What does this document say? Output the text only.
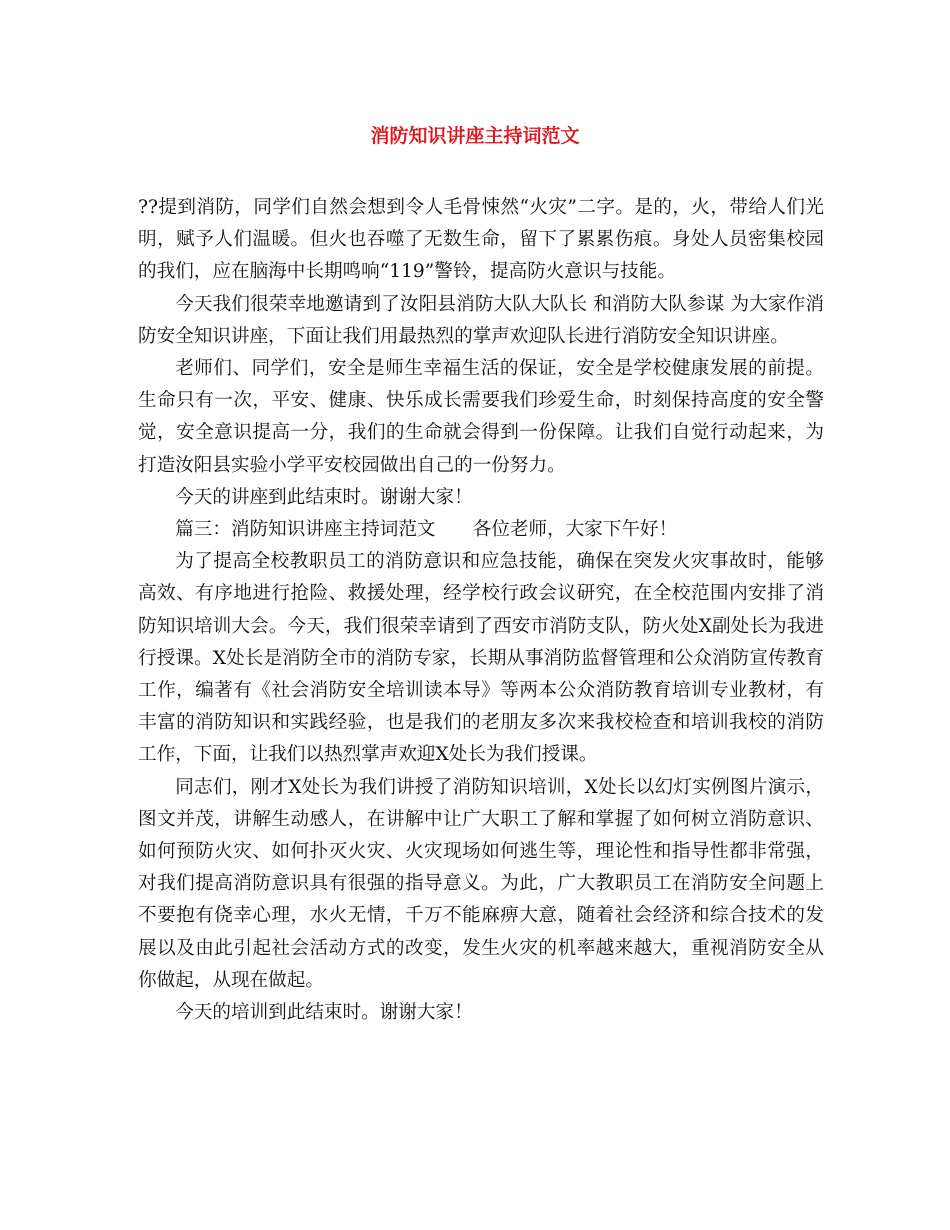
消防知识讲座主持词范文

??提到消防，同学们自然会想到令人毛骨悚然“火灾”二字。是的，火，带给人们光明，赋予人们温暖。但火也吞噬了无数生命，留下了累累伤痕。身处人员密集校园的我们，应在脑海中长期鸣响“119”警铃，提高防火意识与技能。

今天我们很荣幸地邀请到了汝阳县消防大队大队长 和消防大队参谋 为大家作消防安全知识讲座，下面让我们用最热烈的掌声欢迎队长进行消防安全知识讲座。

老师们、同学们，安全是师生幸福生活的保证，安全是学校健康发展的前提。生命只有一次，平安、健康、快乐成长需要我们珍爱生命，时刻保持高度的安全警觉，安全意识提高一分，我们的生命就会得到一份保障。让我们自觉行动起来，为打造汝阳县实验小学平安校园做出自己的一份努力。

今天的讲座到此结束时。谢谢大家！

篇三：消防知识讲座主持词范文　　各位老师，大家下午好！

为了提高全校教职员工的消防意识和应急技能，确保在突发火灾事故时，能够高效、有序地进行抢险、救援处理，经学校行政会议研究，在全校范围内安排了消防知识培训大会。今天，我们很荣幸请到了西安市消防支队，防火处X副处长为我进行授课。X处长是消防全市的消防专家，长期从事消防监督管理和公众消防宣传教育工作，编著有《社会消防安全培训读本导》等两本公众消防教育培训专业教材，有丰富的消防知识和实践经验，也是我们的老朋友多次来我校检查和培训我校的消防工作，下面，让我们以热烈掌声欢迎X处长为我们授课。

同志们，刚才X处长为我们讲授了消防知识培训，X处长以幻灯实例图片演示，图文并茂，讲解生动感人，在讲解中让广大职工了解和掌握了如何树立消防意识、如何预防火灾、如何扑灭火灾、火灾现场如何逃生等，理论性和指导性都非常强，对我们提高消防意识具有很强的指导意义。为此，广大教职员工在消防安全问题上不要抱有侥幸心理，水火无情，千万不能麻痹大意，随着社会经济和综合技术的发展以及由此引起社会活动方式的改变，发生火灾的机率越来越大，重视消防安全从你做起，从现在做起。

今天的培训到此结束时。谢谢大家！
